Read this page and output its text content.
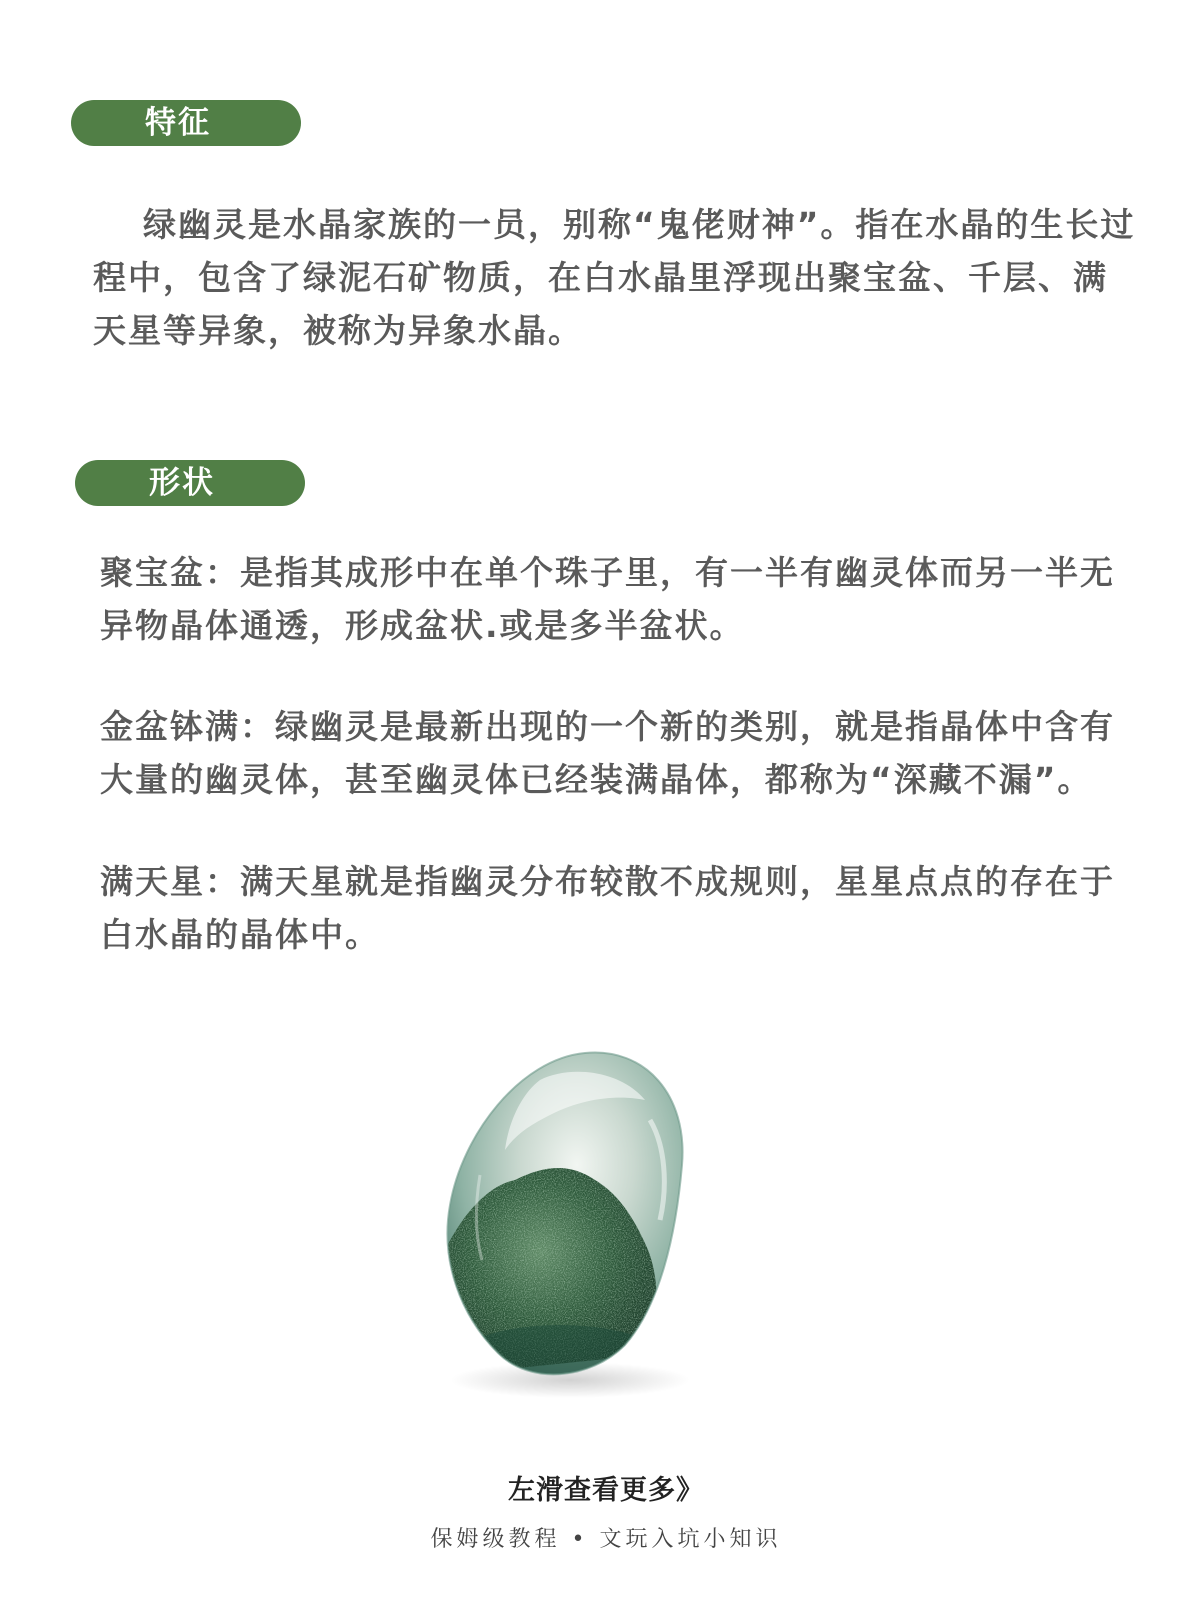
特征

绿幽灵是水晶家族的一员，别称“鬼佬财神”。指在水晶的生长过程中，包含了绿泥石矿物质，在白水晶里浮现出聚宝盆、千层、满天星等异象，被称为异象水晶。

形状

聚宝盆：是指其成形中在单个珠子里，有一半有幽灵体而另一半无异物晶体通透，形成盆状.或是多半盆状。

金盆钵满：绿幽灵是最新出现的一个新的类别，就是指晶体中含有大量的幽灵体，甚至幽灵体已经装满晶体，都称为“深藏不漏”。

满天星：满天星就是指幽灵分布较散不成规则，星星点点的存在于白水晶的晶体中。

左滑查看更多》
保姆级教程 • 文玩入坑小知识
